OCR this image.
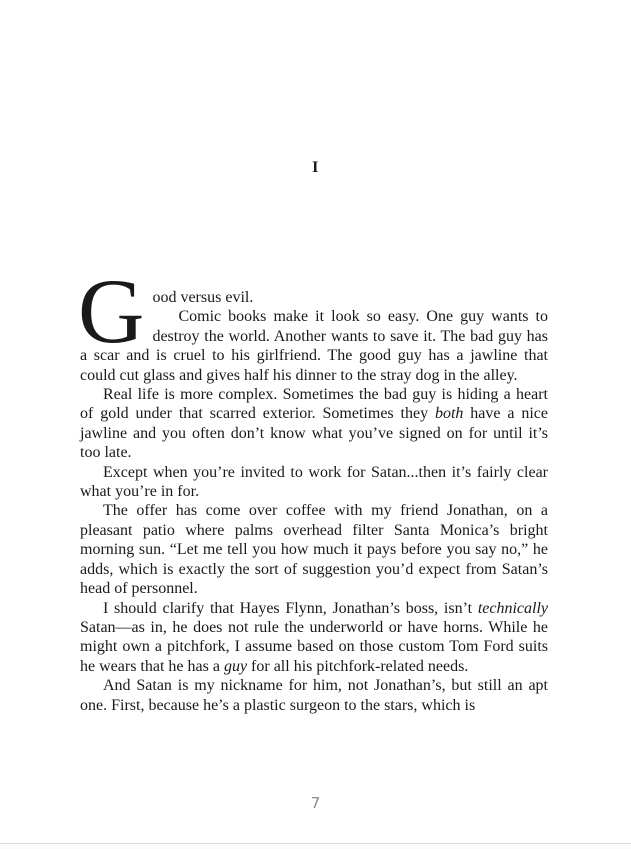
I

Good versus evil.

Comic books make it look so easy. One guy wants to destroy the world. Another wants to save it. The bad guy has a scar and is cruel to his girlfriend. The good guy has a jawline that could cut glass and gives half his dinner to the stray dog in the alley.

Real life is more complex. Sometimes the bad guy is hiding a heart of gold under that scarred exterior. Sometimes they both have a nice jawline and you often don’t know what you’ve signed on for until it’s too late.

Except when you’re invited to work for Satan...then it’s fairly clear what you’re in for.

The offer has come over coffee with my friend Jonathan, on a pleasant patio where palms overhead filter Santa Monica’s bright morning sun. “Let me tell you how much it pays before you say no,” he adds, which is exactly the sort of suggestion you’d expect from Satan’s head of personnel.

I should clarify that Hayes Flynn, Jonathan’s boss, isn’t technically Satan—as in, he does not rule the underworld or have horns. While he might own a pitchfork, I assume based on those custom Tom Ford suits he wears that he has a guy for all his pitchfork-related needs.

And Satan is my nickname for him, not Jonathan’s, but still an apt one. First, because he’s a plastic surgeon to the stars, which is

7
